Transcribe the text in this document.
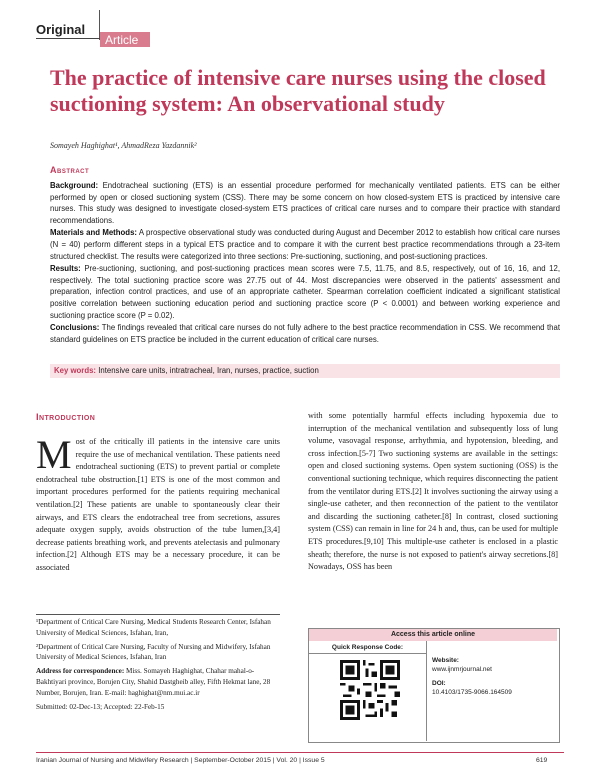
Original
Article
The practice of intensive care nurses using the closed suctioning system: An observational study
Somayeh Haghighat¹, AhmadReza Yazdannik²
Abstract

Background: Endotracheal suctioning (ETS) is an essential procedure performed for mechanically ventilated patients. ETS can be either performed by open or closed suctioning system (CSS). There may be some concern on how closed-system ETS is practiced by intensive care nurses. This study was designed to investigate closed-system ETS practices of critical care nurses and to compare their practice with standard recommendations.

Materials and Methods: A prospective observational study was conducted during August and December 2012 to establish how critical care nurses (N = 40) perform different steps in a typical ETS practice and to compare it with the current best practice recommendations through a 23-item structured checklist. The results were categorized into three sections: Pre-suctioning, suctioning, and post-suctioning practices.

Results: Pre-suctioning, suctioning, and post-suctioning practices mean scores were 7.5, 11.75, and 8.5, respectively, out of 16, 16, and 12, respectively. The total suctioning practice score was 27.75 out of 44. Most discrepancies were observed in the patients' assessment and preparation, infection control practices, and use of an appropriate catheter. Spearman correlation coefficient indicated a significant statistical positive correlation between suctioning education period and suctioning practice score (P < 0.0001) and between working experience and suctioning practice score (P = 0.02).

Conclusions: The findings revealed that critical care nurses do not fully adhere to the best practice recommendation in CSS. We recommend that standard guidelines on ETS practice be included in the current education of critical care nurses.

Key words: Intensive care units, intratracheal, Iran, nurses, practice, suction
Introduction
Most of the critically ill patients in the intensive care units require the use of mechanical ventilation. These patients need endotracheal suctioning (ETS) to prevent partial or complete endotracheal tube obstruction.[1] ETS is one of the most common and important procedures performed for the patients requiring mechanical ventilation.[2] These patients are unable to spontaneously clear their airways, and ETS clears the endotracheal tree from secretions, assures adequate oxygen supply, avoids obstruction of the tube lumen,[3,4] decrease patients breathing work, and prevents atelectasis and pulmonary infection.[2] Although ETS may be a necessary procedure, it can be associated
with some potentially harmful effects including hypoxemia due to interruption of the mechanical ventilation and subsequently loss of lung volume, vasovagal response, arrhythmia, and hypotension, bleeding, and cross infection.[5-7] Two suctioning systems are available in the settings: open and closed suctioning systems. Open system suctioning (OSS) is the conventional suctioning technique, which requires disconnecting the patient from the ventilator during ETS.[2] It involves suctioning the airway using a single-use catheter, and then reconnection of the patient to the ventilator and discarding the suctioning catheter.[8] In contrast, closed suctioning system (CSS) can remain in line for 24 h and, thus, can be used for multiple ETS procedures.[9,10] This multiple-use catheter is enclosed in a plastic sheath; therefore, the nurse is not exposed to patient's airway secretions.[8] Nowadays, OSS has been

¹Department of Critical Care Nursing, Medical Students Research Center, Isfahan University of Medical Sciences, Isfahan, Iran,

²Department of Critical Care Nursing, Faculty of Nursing and Midwifery, Isfahan University of Medical Sciences, Isfahan, Iran

Address for correspondence: Miss. Somayeh Haghighat, Chahar mahal-o-Bakhtiyari province, Borujen City, Shahid Dastgheib alley, Fifth Hekmat lane, 28 Number, Borujen, Iran. E-mail: haghighat@nm.mui.ac.ir

Submitted: 02-Dec-13; Accepted: 22-Feb-15

Access this article online
Quick Response Code:

Website:
www.ijnmrjournal.net

DOI:
10.4103/1735-9066.164509

Iranian Journal of Nursing and Midwifery Research | September-October 2015 | Vol. 20 | Issue 5	619
